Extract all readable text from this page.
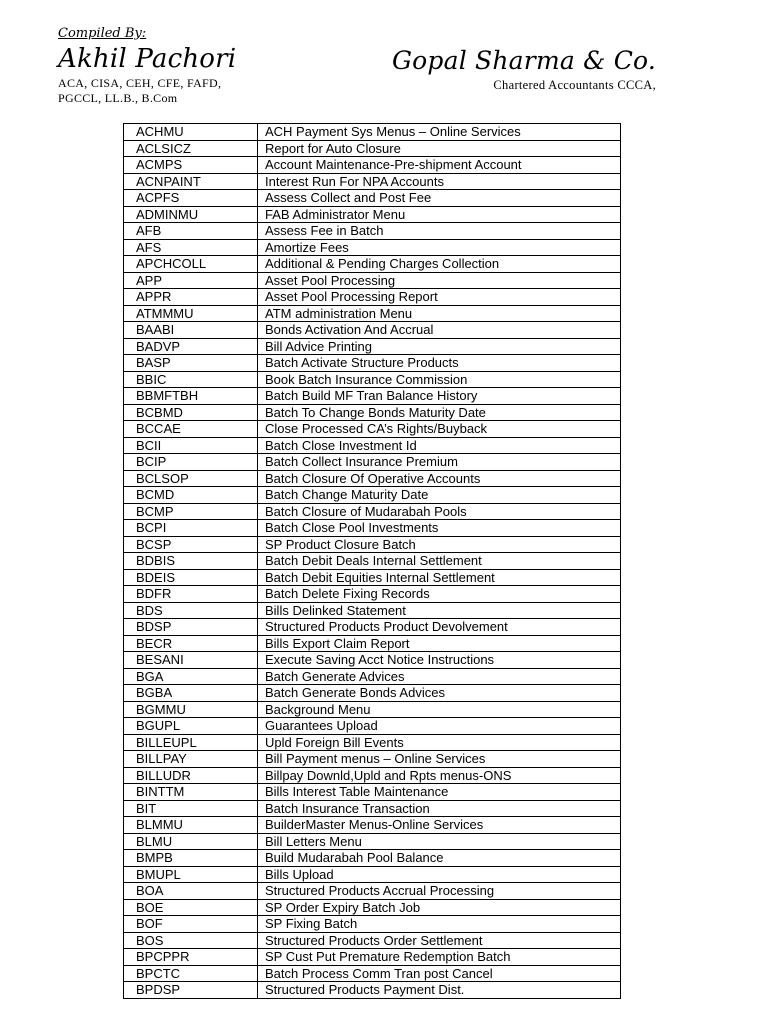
Compiled By:

Akhil Pachori

ACA, CISA, CEH, CFE, FAFD,

PGCCL, LL.B., B.Com

Gopal Sharma & Co.

Chartered Accountants CCCA,

ACHMU	ACH Payment Sys Menus – Online Services
ACLSICZ	Report for Auto Closure
ACMPS	Account Maintenance-Pre-shipment Account
ACNPAINT	Interest Run For NPA Accounts
ACPFS	Assess Collect and Post Fee
ADMINMU	FAB Administrator Menu
AFB	Assess Fee in Batch
AFS	Amortize Fees
APCHCOLL	Additional & Pending Charges Collection
APP	Asset Pool Processing
APPR	Asset Pool Processing Report
ATMMMU	ATM administration Menu
BAABI	Bonds Activation And Accrual
BADVP	Bill Advice Printing
BASP	Batch Activate Structure Products
BBIC	Book Batch Insurance Commission
BBMFTBH	Batch Build MF Tran Balance History
BCBMD	Batch To Change Bonds Maturity Date
BCCAE	Close Processed CA’s Rights/Buyback
BCII	Batch Close Investment Id
BCIP	Batch Collect Insurance Premium
BCLSOP	Batch Closure Of Operative Accounts
BCMD	Batch Change Maturity Date
BCMP	Batch Closure of Mudarabah Pools
BCPI	Batch Close Pool Investments
BCSP	SP Product Closure Batch
BDBIS	Batch Debit Deals Internal Settlement
BDEIS	Batch Debit Equities Internal Settlement
BDFR	Batch Delete Fixing Records
BDS	Bills Delinked Statement
BDSP	Structured Products Product Devolvement
BECR	Bills Export Claim Report
BESANI	Execute Saving Acct Notice Instructions
BGA	Batch Generate Advices
BGBA	Batch Generate Bonds Advices
BGMMU	Background Menu
BGUPL	Guarantees Upload
BILLEUPL	Upld Foreign Bill Events
BILLPAY	Bill Payment menus – Online Services
BILLUDR	Billpay Downld,Upld and Rpts menus-ONS
BINTTM	Bills Interest Table Maintenance
BIT	Batch Insurance Transaction
BLMMU	BuilderMaster Menus-Online Services
BLMU	Bill Letters Menu
BMPB	Build Mudarabah Pool Balance
BMUPL	Bills Upload
BOA	Structured Products Accrual Processing
BOE	SP Order Expiry Batch Job
BOF	SP Fixing Batch
BOS	Structured Products Order Settlement
BPCPPR	SP Cust Put Premature Redemption Batch
BPCTC	Batch Process Comm Tran post Cancel
BPDSP	Structured Products Payment Dist.
